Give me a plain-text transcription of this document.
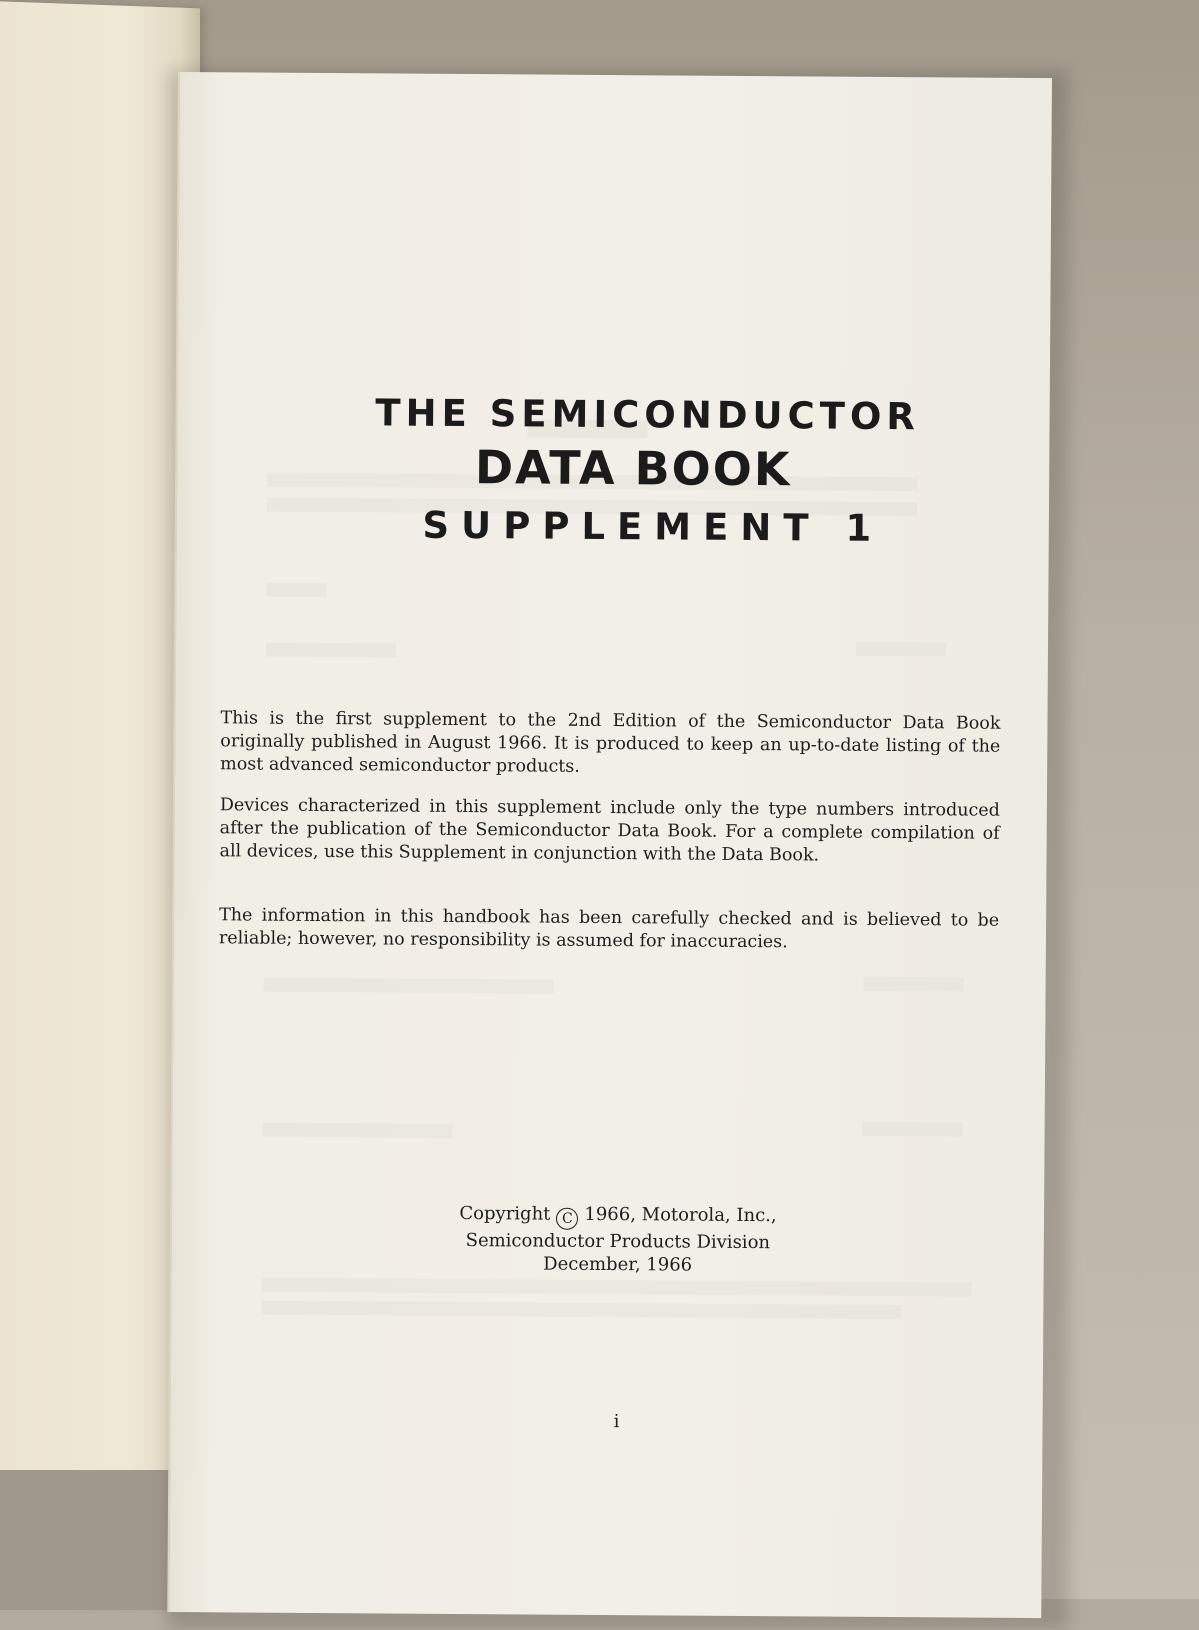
THE SEMICONDUCTOR
DATA BOOK
SUPPLEMENT 1
This is the first supplement to the 2nd Edition of the Semiconductor Data Book originally published in August 1966. It is produced to keep an up-to-date listing of the most advanced semiconductor products.
Devices characterized in this supplement include only the type numbers introduced after the publication of the Semiconductor Data Book. For a complete compilation of all devices, use this Supplement in conjunction with the Data Book.
The information in this handbook has been carefully checked and is believed to be reliable; however, no responsibility is assumed for inaccuracies.
Copyright C 1966, Motorola, Inc.,
Semiconductor Products Division
December, 1966
i
